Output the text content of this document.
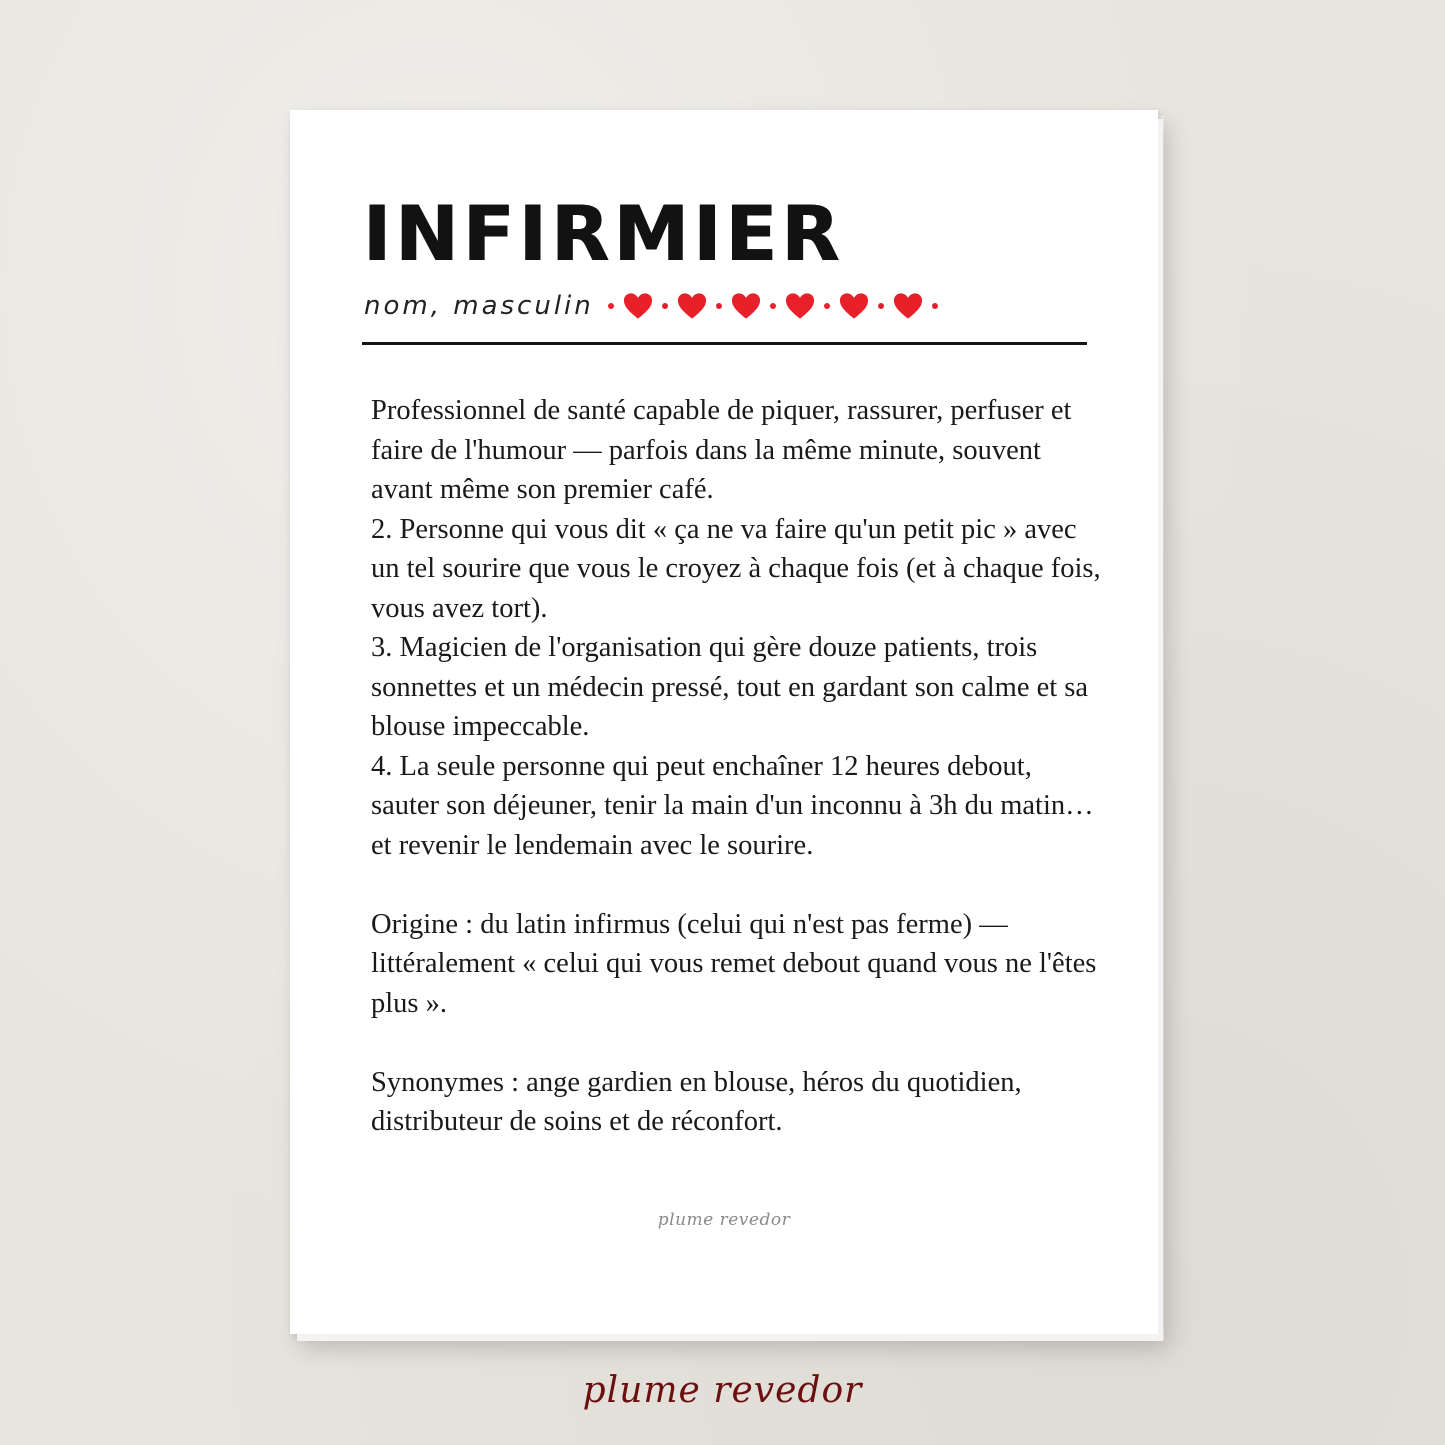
INFIRMIER
nom, masculin

Professionnel de santé capable de piquer, rassurer, perfuser et faire de l'humour — parfois dans la même minute, souvent avant même son premier café.

2. Personne qui vous dit « ça ne va faire qu'un petit pic » avec un tel sourire que vous le croyez à chaque fois (et à chaque fois, vous avez tort).

3. Magicien de l'organisation qui gère douze patients, trois sonnettes et un médecin pressé, tout en gardant son calme et sa blouse impeccable.

4. La seule personne qui peut enchaîner 12 heures debout, sauter son déjeuner, tenir la main d'un inconnu à 3h du matin… et revenir le lendemain avec le sourire.

Origine : du latin infirmus (celui qui n'est pas ferme) — littéralement « celui qui vous remet debout quand vous ne l'êtes plus ».

Synonymes : ange gardien en blouse, héros du quotidien, distributeur de soins et de réconfort.

plume revedor
plume revedor
